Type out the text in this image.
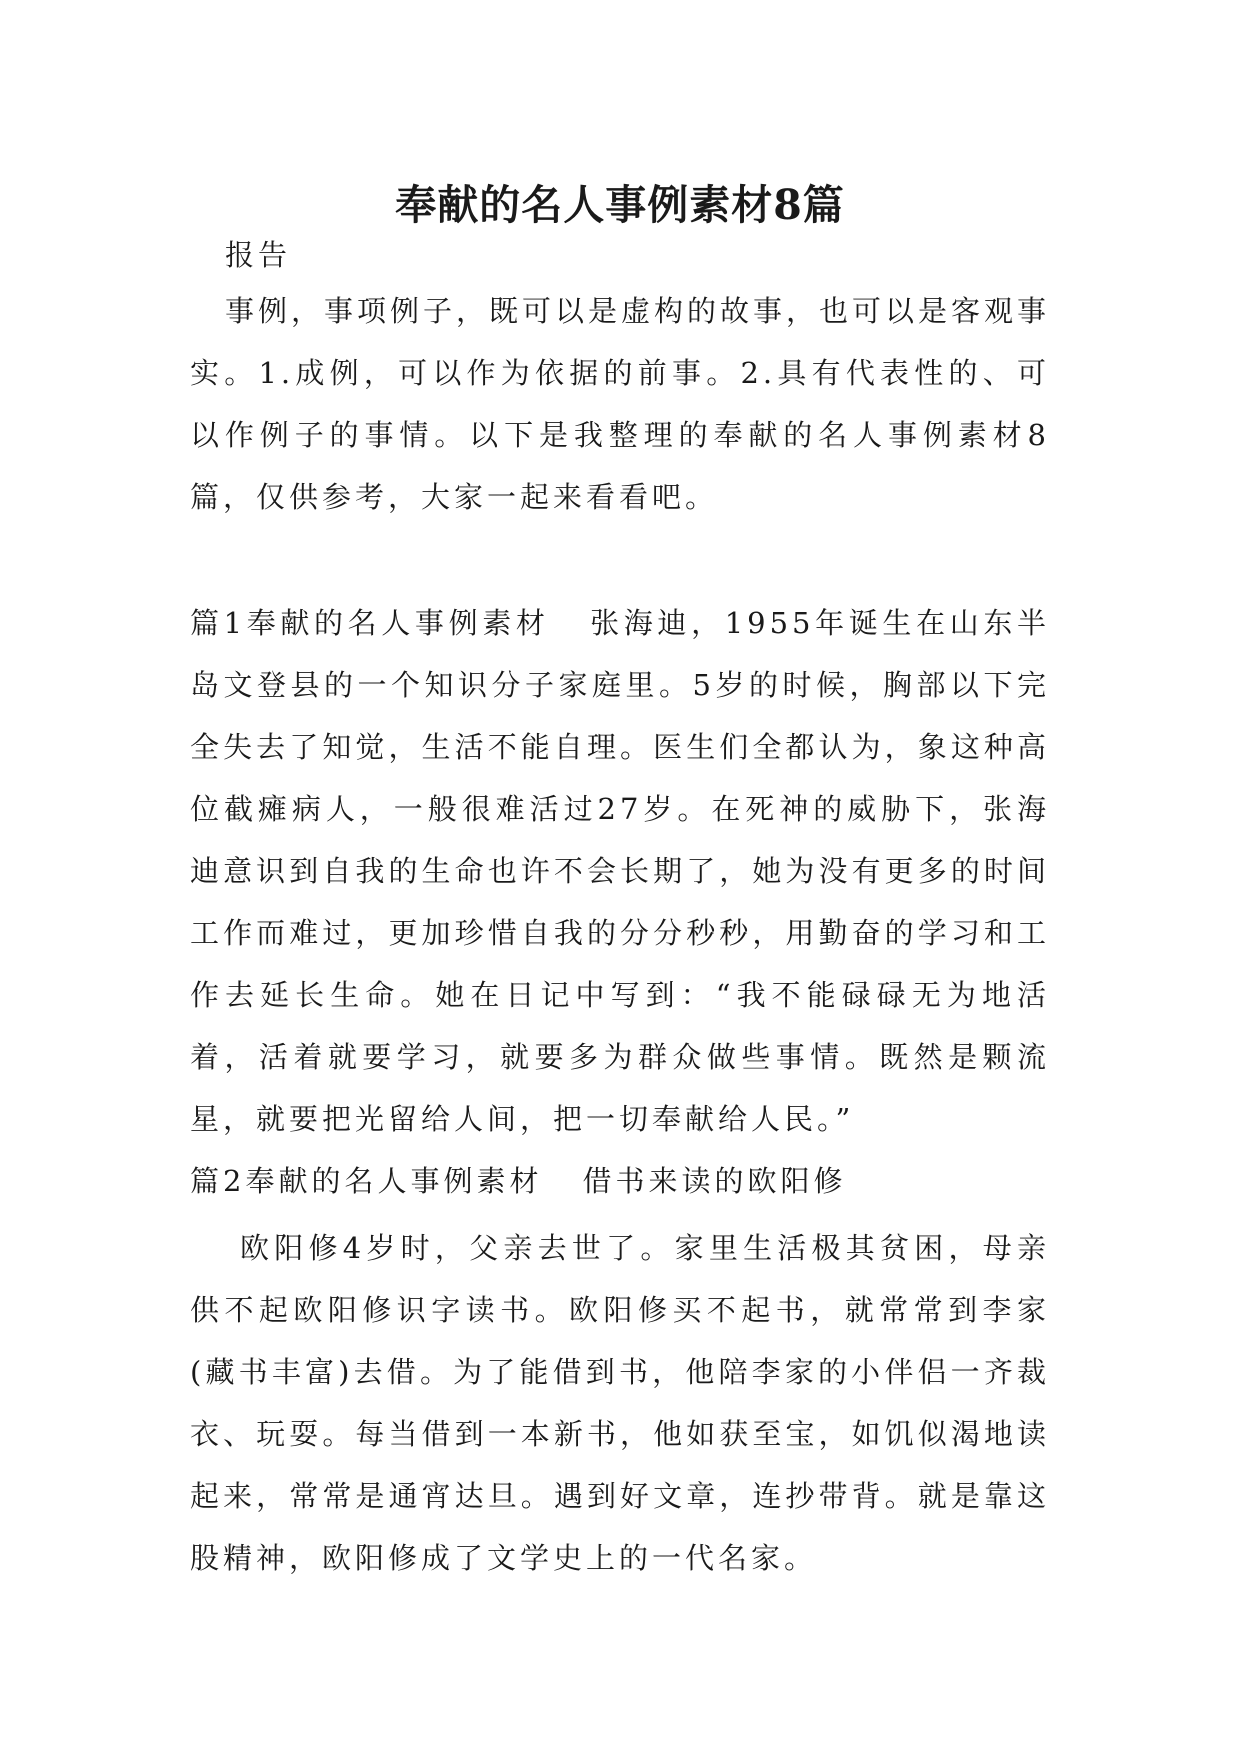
奉献的名人事例素材8篇

报告

事例，事项例子，既可以是虚构的故事，也可以是客观事实。1.成例，可以作为依据的前事。2.具有代表性的、可以作例子的事情。以下是我整理的奉献的名人事例素材8篇，仅供参考，大家一起来看看吧。

篇1奉献的名人事例素材 张海迪，1955年诞生在山东半岛文登县的一个知识分子家庭里。5岁的时候，胸部以下完全失去了知觉，生活不能自理。医生们全都认为，象这种高位截瘫病人，一般很难活过27岁。在死神的威胁下，张海迪意识到自我的生命也许不会长期了，她为没有更多的时间工作而难过，更加珍惜自我的分分秒秒，用勤奋的学习和工作去延长生命。她在日记中写到：“我不能碌碌无为地活着，活着就要学习，就要多为群众做些事情。既然是颗流星，就要把光留给人间，把一切奉献给人民。”

篇2奉献的名人事例素材 借书来读的欧阳修

欧阳修4岁时，父亲去世了。家里生活极其贫困，母亲供不起欧阳修识字读书。欧阳修买不起书，就常常到李家(藏书丰富)去借。为了能借到书，他陪李家的小伴侣一齐裁衣、玩耍。每当借到一本新书，他如获至宝，如饥似渴地读起来，常常是通宵达旦。遇到好文章，连抄带背。就是靠这股精神，欧阳修成了文学史上的一代名家。
